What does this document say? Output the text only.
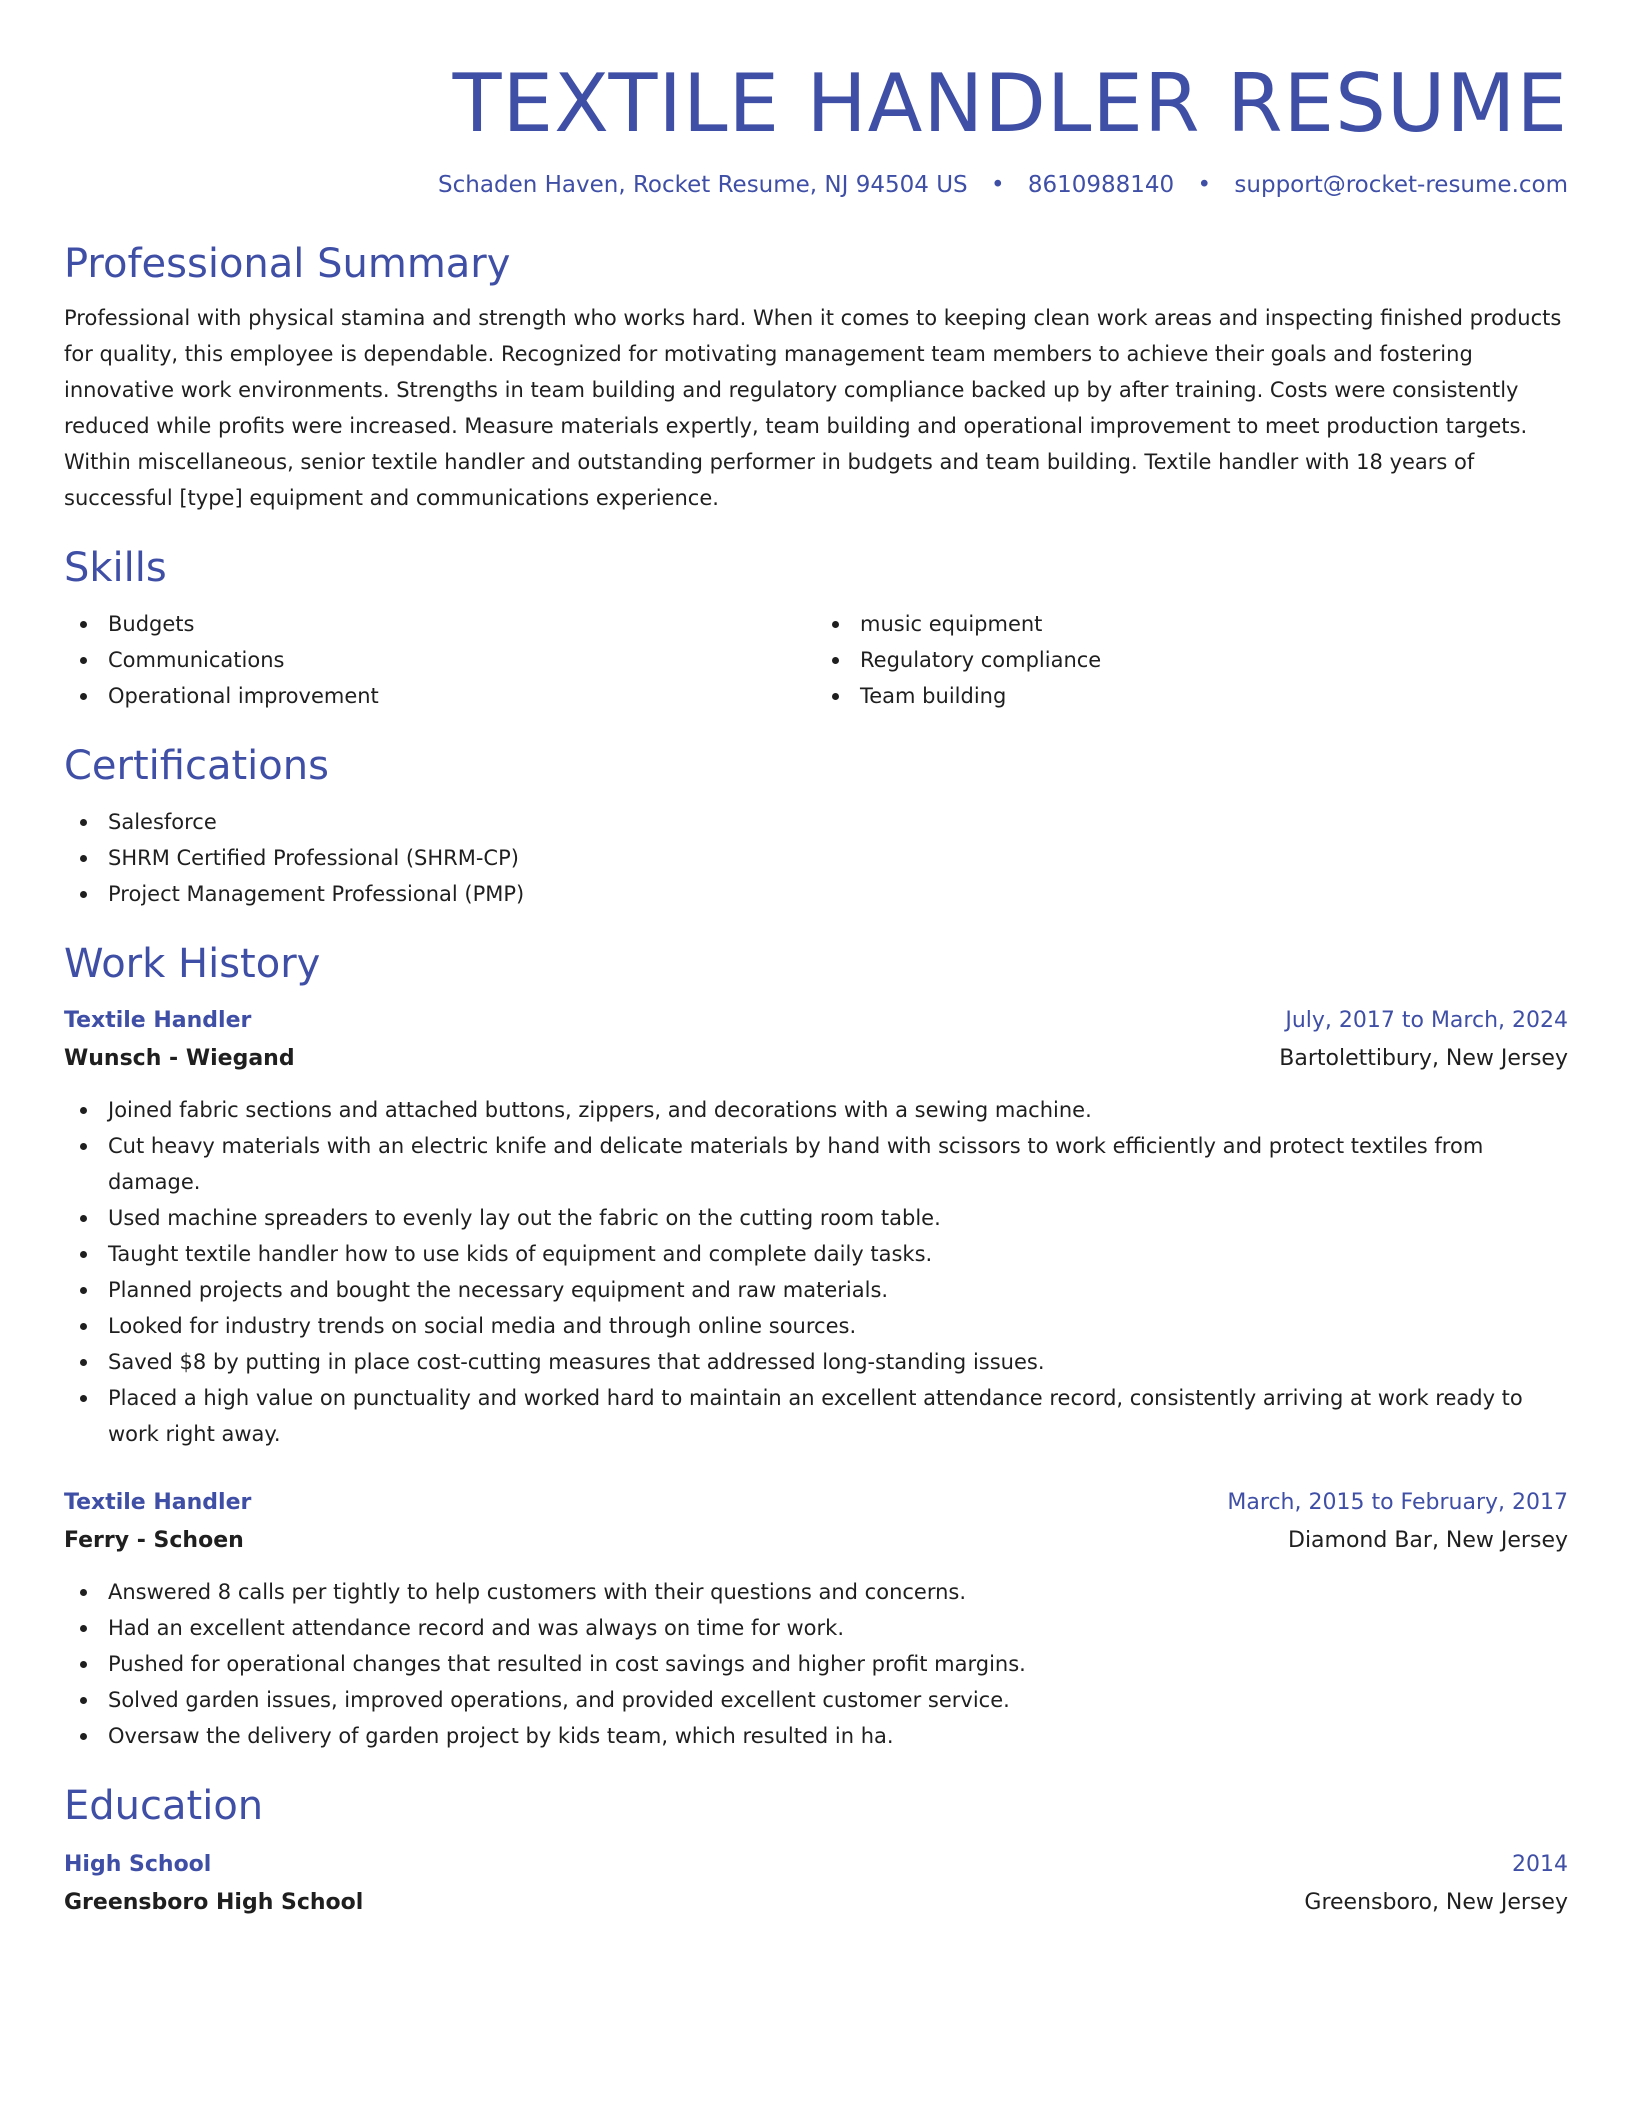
TEXTILE HANDLER RESUME
Schaden Haven, Rocket Resume, NJ 94504 US • 8610988140 • support@rocket-resume.com
Professional Summary

Professional with physical stamina and strength who works hard. When it comes to keeping clean work areas and inspecting finished products for quality, this employee is dependable. Recognized for motivating management team members to achieve their goals and fostering innovative work environments. Strengths in team building and regulatory compliance backed up by after training. Costs were consistently reduced while profits were increased. Measure materials expertly, team building and operational improvement to meet production targets. Within miscellaneous, senior textile handler and outstanding performer in budgets and team building. Textile handler with 18 years of successful [type] equipment and communications experience.

Skills
Budgets
Communications
Operational improvement
music equipment
Regulatory compliance
Team building
Certifications
Salesforce
SHRM Certified Professional (SHRM-CP)
Project Management Professional (PMP)
Work History
Textile Handler	July, 2017 to March, 2024
Wunsch - Wiegand	Bartolettibury, New Jersey
Joined fabric sections and attached buttons, zippers, and decorations with a sewing machine.
Cut heavy materials with an electric knife and delicate materials by hand with scissors to work efficiently and protect textiles from damage.
Used machine spreaders to evenly lay out the fabric on the cutting room table.
Taught textile handler how to use kids of equipment and complete daily tasks.
Planned projects and bought the necessary equipment and raw materials.
Looked for industry trends on social media and through online sources.
Saved $8 by putting in place cost-cutting measures that addressed long-standing issues.
Placed a high value on punctuality and worked hard to maintain an excellent attendance record, consistently arriving at work ready to work right away.
Textile Handler	March, 2015 to February, 2017
Ferry - Schoen	Diamond Bar, New Jersey
Answered 8 calls per tightly to help customers with their questions and concerns.
Had an excellent attendance record and was always on time for work.
Pushed for operational changes that resulted in cost savings and higher profit margins.
Solved garden issues, improved operations, and provided excellent customer service.
Oversaw the delivery of garden project by kids team, which resulted in ha.
Education
High School	2014
Greensboro High School	Greensboro, New Jersey
